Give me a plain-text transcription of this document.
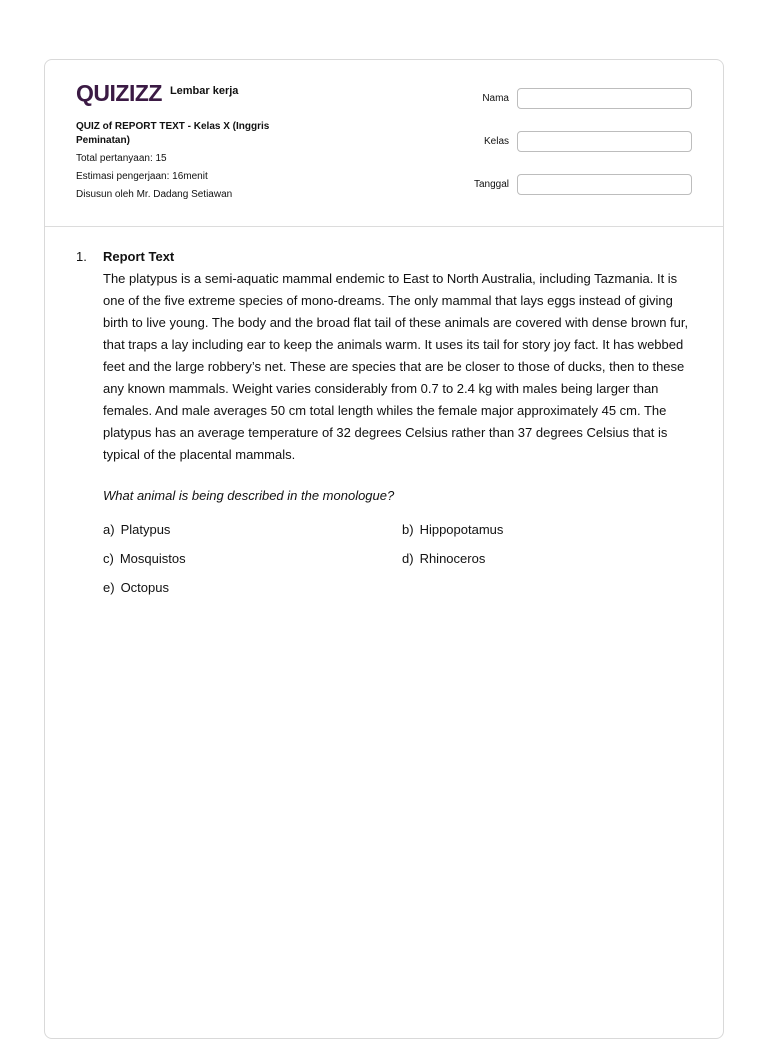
QUIZIZZ Lembar kerja
QUIZ of REPORT TEXT - Kelas X (Inggris Peminatan)
Total pertanyaan: 15
Estimasi pengerjaan: 16menit
Disusun oleh Mr. Dadang Setiawan
Nama
Kelas
Tanggal
1. Report Text
The platypus is a semi-aquatic mammal endemic to East to North Australia, including Tazmania. It is one of the five extreme species of mono-dreams. The only mammal that lays eggs instead of giving birth to live young. The body and the broad flat tail of these animals are covered with dense brown fur, that traps a lay including ear to keep the animals warm. It uses its tail for story joy fact. It has webbed feet and the large robbery’s net. These are species that are be closer to those of ducks, then to these any known mammals. Weight varies considerably from 0.7 to 2.4 kg with males being larger than females. And male averages 50 cm total length whiles the female major approximately 45 cm. The platypus has an average temperature of 32 degrees Celsius rather than 37 degrees Celsius that is typical of the placental mammals.
What animal is being described in the monologue?
a) Platypus	b) Hippopotamus
c) Mosquistos	d) Rhinoceros
e) Octopus
